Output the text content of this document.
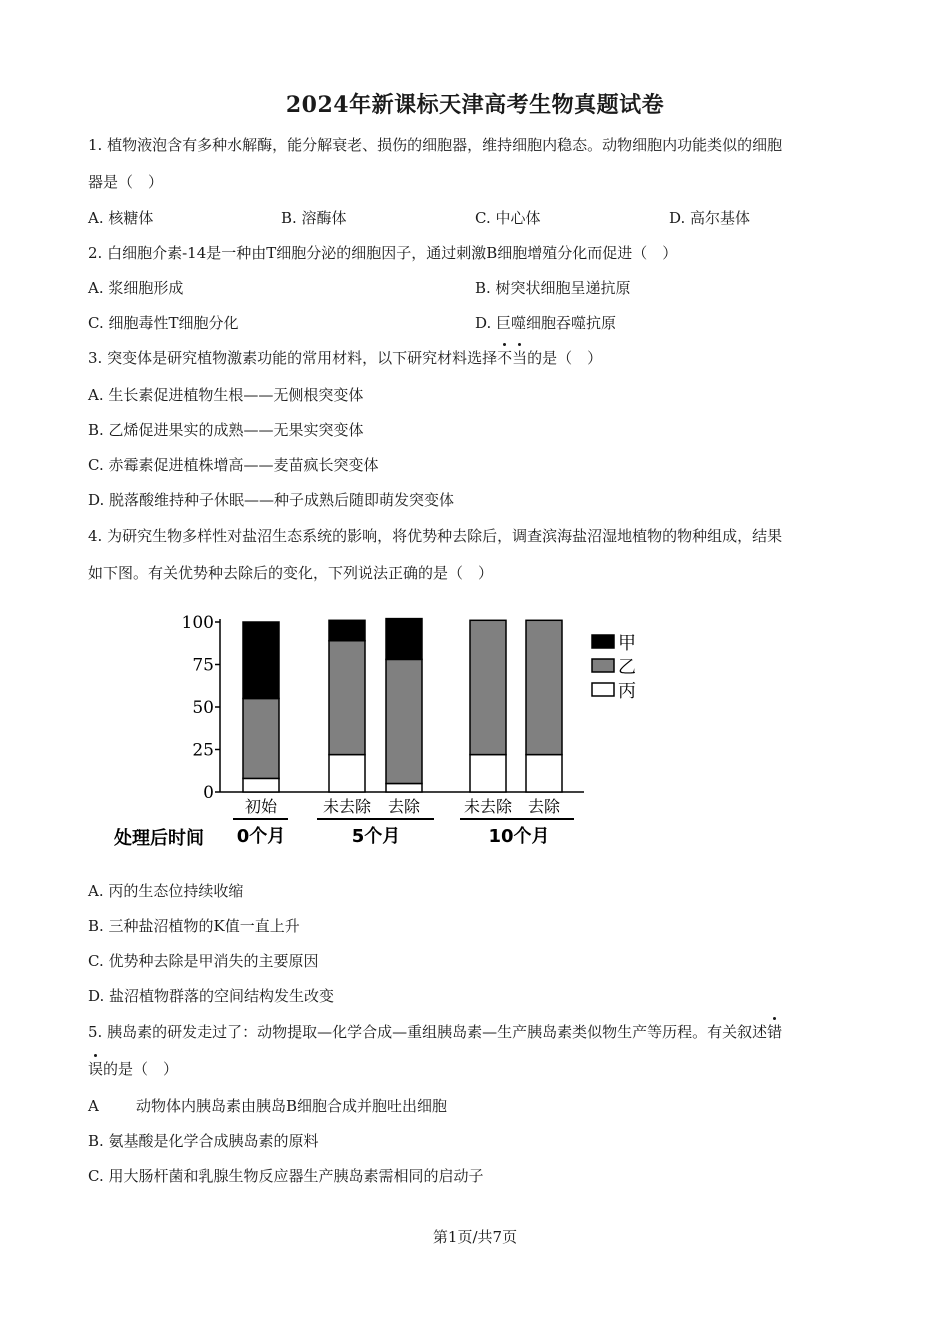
2024年新课标天津高考生物真题试卷
1. 植物液泡含有多种水解酶，能分解衰老、损伤的细胞器，维持细胞内稳态。动物细胞内功能类似的细胞
器是（　）
A. 核糖体	B. 溶酶体	C. 中心体	D. 高尔基体
2. 白细胞介素-14是一种由T细胞分泌的细胞因子，通过刺激B细胞增殖分化而促进（　）
A. 浆细胞形成	B. 树突状细胞呈递抗原
C. 细胞毒性T细胞分化	D. 巨噬细胞吞噬抗原
3. 突变体是研究植物激素功能的常用材料，以下研究材料选择不当的是（　）
A. 生长素促进植物生根——无侧根突变体
B. 乙烯促进果实的成熟——无果实突变体
C. 赤霉素促进植株增高——麦苗疯长突变体
D. 脱落酸维持种子休眠——种子成熟后随即萌发突变体
4. 为研究生物多样性对盐沼生态系统的影响，将优势种去除后，调查滨海盐沼湿地植物的物种组成，结果
如下图。有关优势种去除后的变化，下列说法正确的是（　）
0
25
50
75
100
初始	未去除 去除	未去除 去除
0个月	5个月	10个月
处理后时间
甲
乙
丙
A. 丙的生态位持续收缩
B. 三种盐沼植物的K值一直上升
C. 优势种去除是甲消失的主要原因
D. 盐沼植物群落的空间结构发生改变
5. 胰岛素的研发走过了：动物提取—化学合成—重组胰岛素—生产胰岛素类似物生产等历程。有关叙述错
误的是（　）
A 动物体内胰岛素由胰岛B细胞合成并胞吐出细胞
B. 氨基酸是化学合成胰岛素的原料
C. 用大肠杆菌和乳腺生物反应器生产胰岛素需相同的启动子
第1页/共7页
